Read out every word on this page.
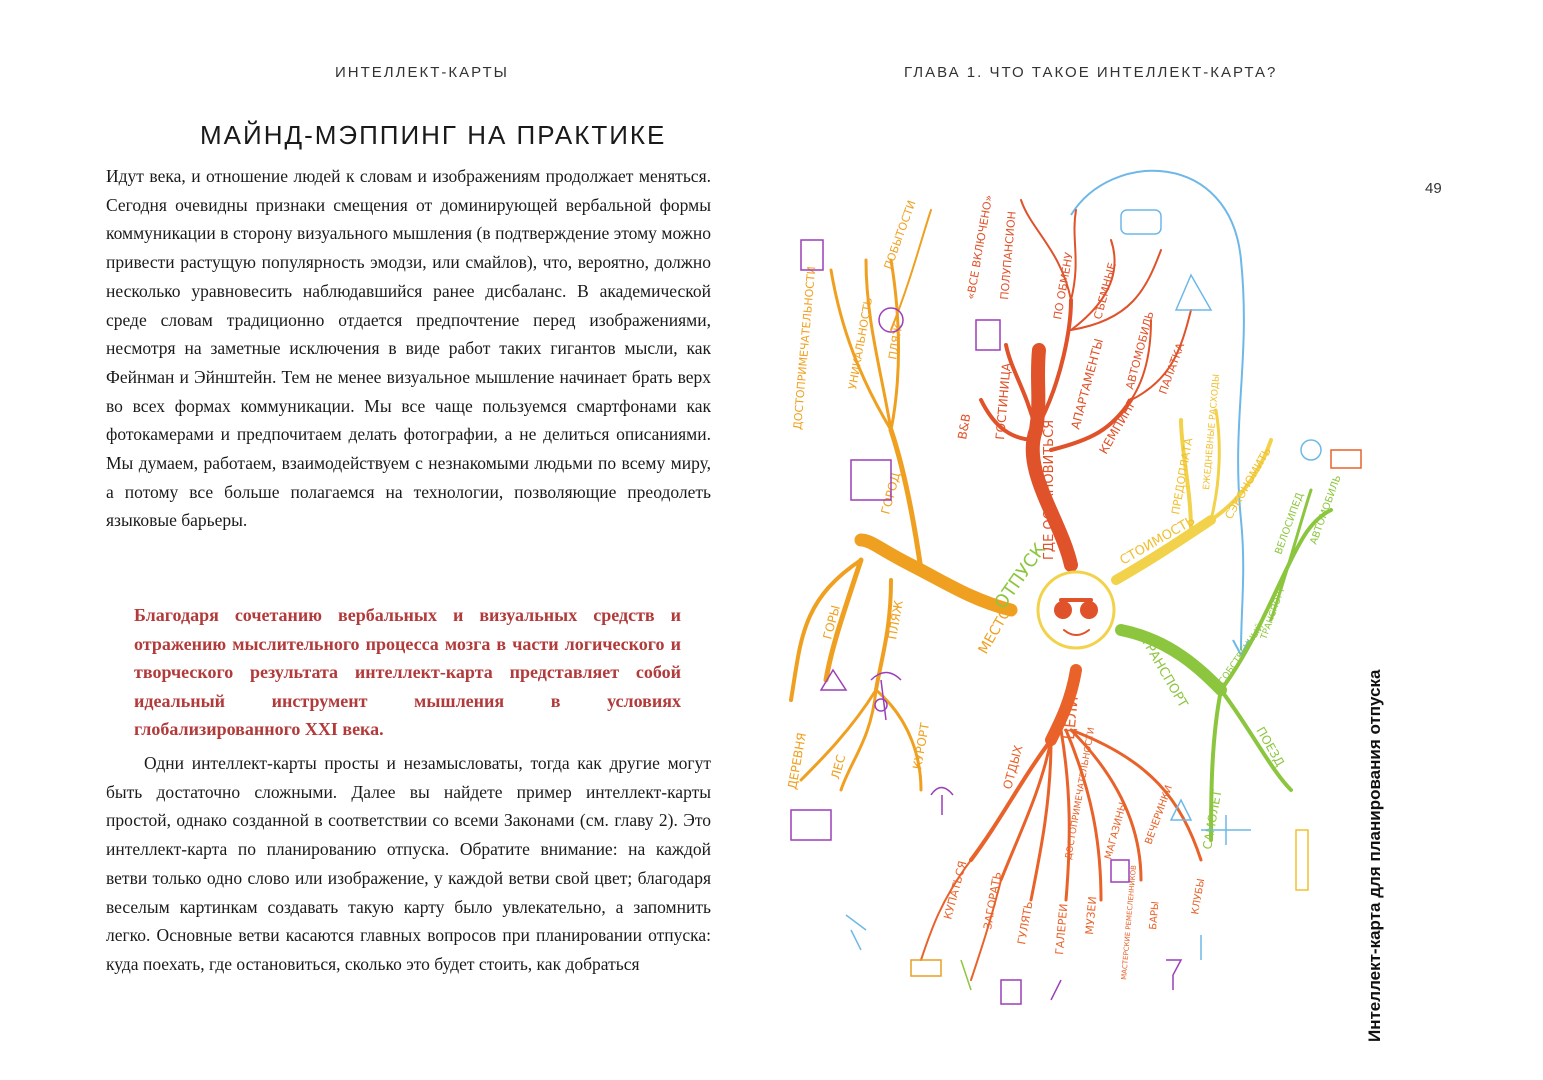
ИНТЕЛЛЕКТ-КАРТЫ
МАЙНД-МЭППИНГ НА ПРАКТИКЕ

Идут века, и отношение людей к словам и изображениям продолжает меняться. Сегодня очевидны признаки смещения от доминирующей вербальной формы коммуникации в сторону визуального мышления (в подтверждение этому можно привести растущую популярность эмодзи, или смайлов), что, вероятно, должно несколько уравновесить наблюдавшийся ранее дисбаланс. В академической среде словам традиционно отдается предпочтение перед изображениями, несмотря на заметные исключения в виде работ таких гигантов мысли, как Фейнман и Эйнштейн. Тем не менее визуальное мышление начинает брать верх во всех формах коммуникации. Мы все чаще пользуемся смартфонами как фотокамерами и предпочитаем делать фотографии, а не делиться описаниями. Мы думаем, работаем, взаимодействуем с незнакомыми людьми по всему миру, а потому все больше полагаемся на технологии, позволяющие преодолеть языковые барьеры.

Благодаря сочетанию вербальных и визуальных средств и отражению мыслительного процесса мозга в части логического и творческого результата интеллект-карта представляет собой идеальный инструмент мышления в условиях глобализированного XXI века.

Одни интеллект-карты просты и незамысловаты, тогда как другие могут быть достаточно сложными. Далее вы найдете пример интеллект-карты простой, однако созданной в соответствии со всеми Законами (см. главу 2). Это интеллект-карта по планированию отпуска. Обратите внимание: на каждой ветви только одно слово или изображение, у каждой ветви свой цвет; благодаря веселым картинкам создавать такую карту было увлекательно, а запомнить легко. Основные ветви касаются главных вопросов при планировании отпуска: куда поехать, где остановиться, сколько это будет стоить, как добраться

ГЛАВА 1. ЧТО ТАКОЕ ИНТЕЛЛЕКТ-КАРТА?
49
ГДЕ ОСТАНОВИТЬСЯ
B&B ГОСТИНИЦА
«ВСЕ ВКЛЮЧЕНО» ПОЛУПАНСИОН
АПАРТАМЕНТЫ
ПО ОБМЕНУ СЪЕМНЫЕ
КЕМПИНГ
АВТОМОБИЛЬ ПАЛАТКА
МЕСТО
ГОРОД
ДОСТОПРИМЕЧАТЕЛЬНОСТИ	УНИКАЛЬНОСТЬ ПЛЯЖ
ПОБЫТОСТИ
ГОРЫ	ПЛЯЖ
ДЕРЕВНЯ ЛЕС	КУРОРТ
СТОИМОСТЬ
ПРЕДОПЛАТА ЕЖЕДНЕВНЫЕ РАСХОДЫ СЭКОНОМИТЬ
ТРАНСПОРТ	СОБСТВЕННЫЙ
ТРАНСПОРТ
ВЕЛОСИПЕД АВТОМОБИЛЬ
САМОЛЕТ
ПОЕЗД
ЦЕЛИ
ОТДЫХ	ДОСТОПРИМЕЧАТЕЛЬНОСТИ МАГАЗИНЫ ВЕЧЕРИНКИ
КУПАТЬСЯ ЗАГОРАТЬ ГУЛЯТЬ ГАЛЕРЕИ МУЗЕИ	МАСТЕРСКИЕ РЕМЕСЛЕННИКОВ БАРЫ
КЛУБЫ
ОТПУСК
Интеллект-карта для планирования отпуска
